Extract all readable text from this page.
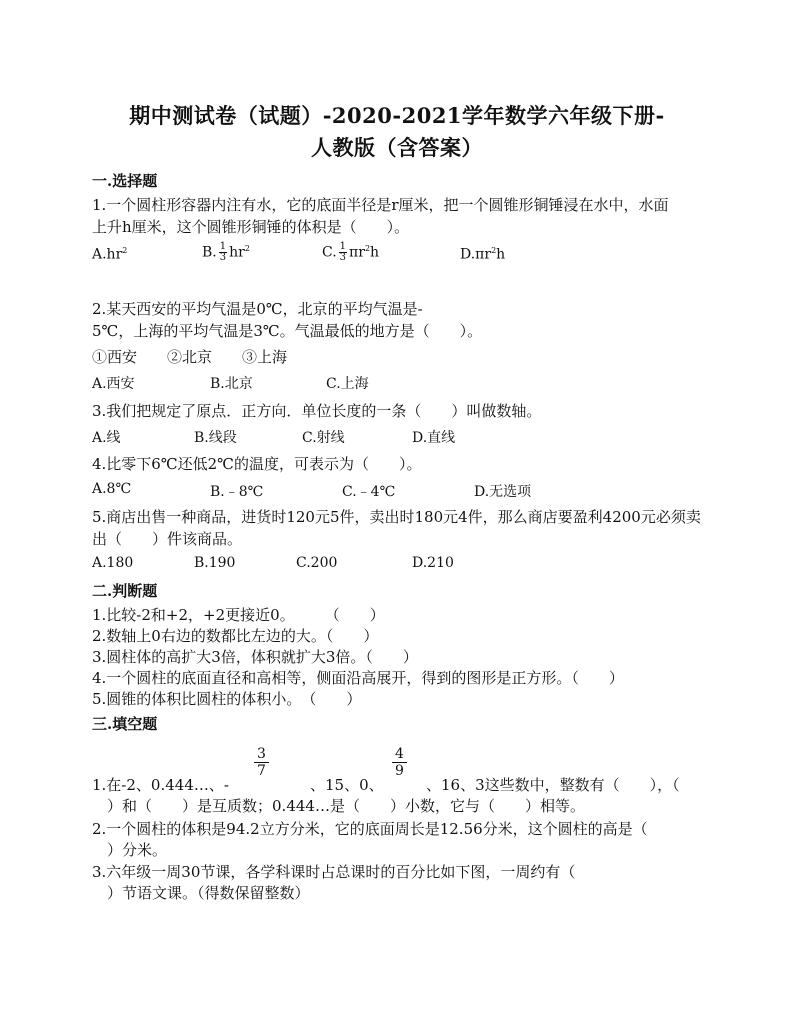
期中测试卷（试题）-2020-2021学年数学六年级下册-
人教版（含答案）
一.选择题
1.一个圆柱形容器内注有水，它的底面半径是r厘米，把一个圆锥形铜锤浸在水中，水面
上升h厘米，这个圆锥形铜锤的体积是（　　）。
$A.hr^2$	B. $\frac{1}{3} hr^2$	C. $\frac{1}{3} \pi r^2h$	$D.\pi r^2h$
2.某天西安的平均气温是0℃，北京的平均气温是-
5℃，上海的平均气温是3℃。气温最低的地方是（　　）。
①西安　　②北京　　③上海
A.西安	B.北京	C.上海
3.我们把规定了原点．正方向．单位长度的一条（　　）叫做数轴。
A.线	B.线段	C.射线	D.直线
4.比零下6℃还低2℃的温度，可表示为（　　）。
A.8℃	B.﹣8℃	C.﹣4℃	D.无选项
5.商店出售一种商品，进货时120元5件，卖出时180元4件，那么商店要盈利4200元必须卖
出（　　）件该商品。
A.180	B.190	C.200	D.210
二.判断题
1.比较-2和+2，+2更接近0。　　　（　　）
2.数轴上0右边的数都比左边的大。（　　）
3.圆柱体的高扩大3倍，体积就扩大3倍。（　　）
4.一个圆柱的底面直径和高相等，侧面沿高展开，得到的图形是正方形。（　　）
5.圆锥的体积比圆柱的体积小。　（　　）
三.填空题
$\frac{3}{7}$	$\frac{4}{9}$
1.在-2、0.444…、-	、15、0、	、16、3这些数中，整数有（　　），（
　）和（　　）是互质数；0.444…是（　　）小数，它与（　　）相等。
2.一个圆柱的体积是94.2立方分米，它的底面周长是12.56分米，这个圆柱的高是（
　）分米。
3.六年级一周30节课，各学科课时占总课时的百分比如下图，一周约有（
　）节语文课。（得数保留整数）
